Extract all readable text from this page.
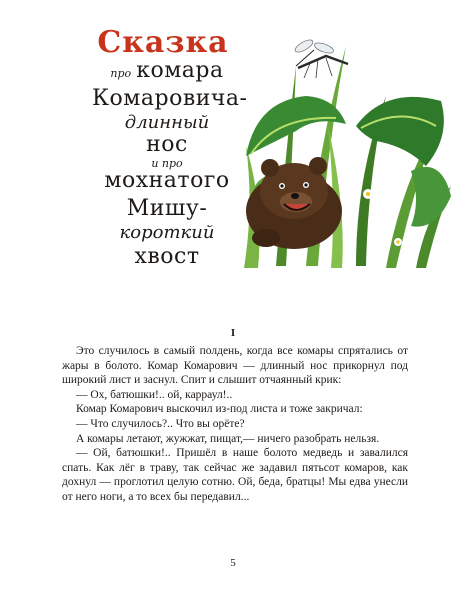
Сказка
про комара
Комаровича-
длинный
нос
и про
мохнатого
Мишу-
короткий
хвост
I

Это случилось в самый полдень, когда все комары спрятались от жары в болото. Комар Комарович — длинный нос прикорнул под широкий лист и заснул. Спит и слышит отчаянный крик:

— Ох, батюшки!.. ой, карраул!..

Комар Комарович выскочил из-под листа и тоже закричал:

— Что случилось?.. Что вы орёте?

А комары летают, жужжат, пищат,— ничего разобрать нельзя.

— Ой, батюшки!.. Пришёл в наше болото медведь и завалился спать. Как лёг в траву, так сейчас же задавил пятьсот комаров, как дохнул — проглотил целую сотню. Ой, беда, братцы! Мы едва унесли от него ноги, а то всех бы передавил...

5
